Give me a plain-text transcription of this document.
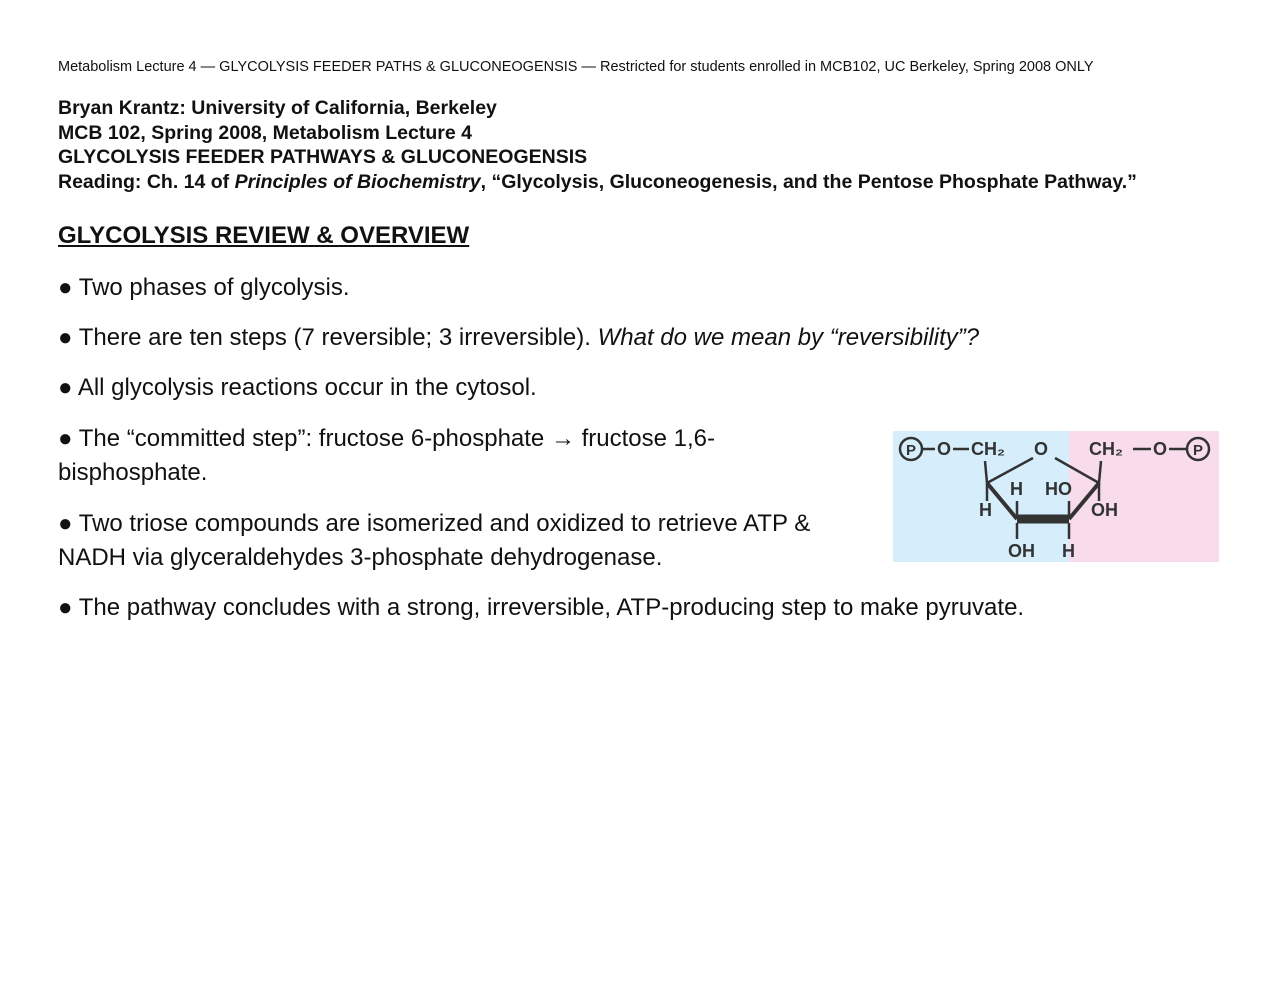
Metabolism Lecture 4 — GLYCOLYSIS FEEDER PATHS & GLUCONEOGENSIS — Restricted for students enrolled in MCB102, UC Berkeley, Spring 2008 ONLY
Bryan Krantz: University of California, Berkeley
MCB 102, Spring 2008, Metabolism Lecture 4
GLYCOLYSIS FEEDER PATHWAYS & GLUCONEOGENSIS
Reading: Ch. 14 of Principles of Biochemistry, “Glycolysis, Gluconeogenesis, and the Pentose Phosphate Pathway.”
GLYCOLYSIS REVIEW & OVERVIEW
● Two phases of glycolysis.
● There are ten steps (7 reversible; 3 irreversible). What do we mean by “reversibility”?
● All glycolysis reactions occur in the cytosol.
● The “committed step”: fructose 6-phosphate → fructose 1,6-
bisphosphate.
● Two triose compounds are isomerized and oxidized to retrieve ATP &
NADH via glyceraldehydes 3-phosphate dehydrogenase.
● The pathway concludes with a strong, irreversible, ATP-producing step to make pyruvate.
P O CH₂ O CH₂ O P
H
H HO
OH
OH H
